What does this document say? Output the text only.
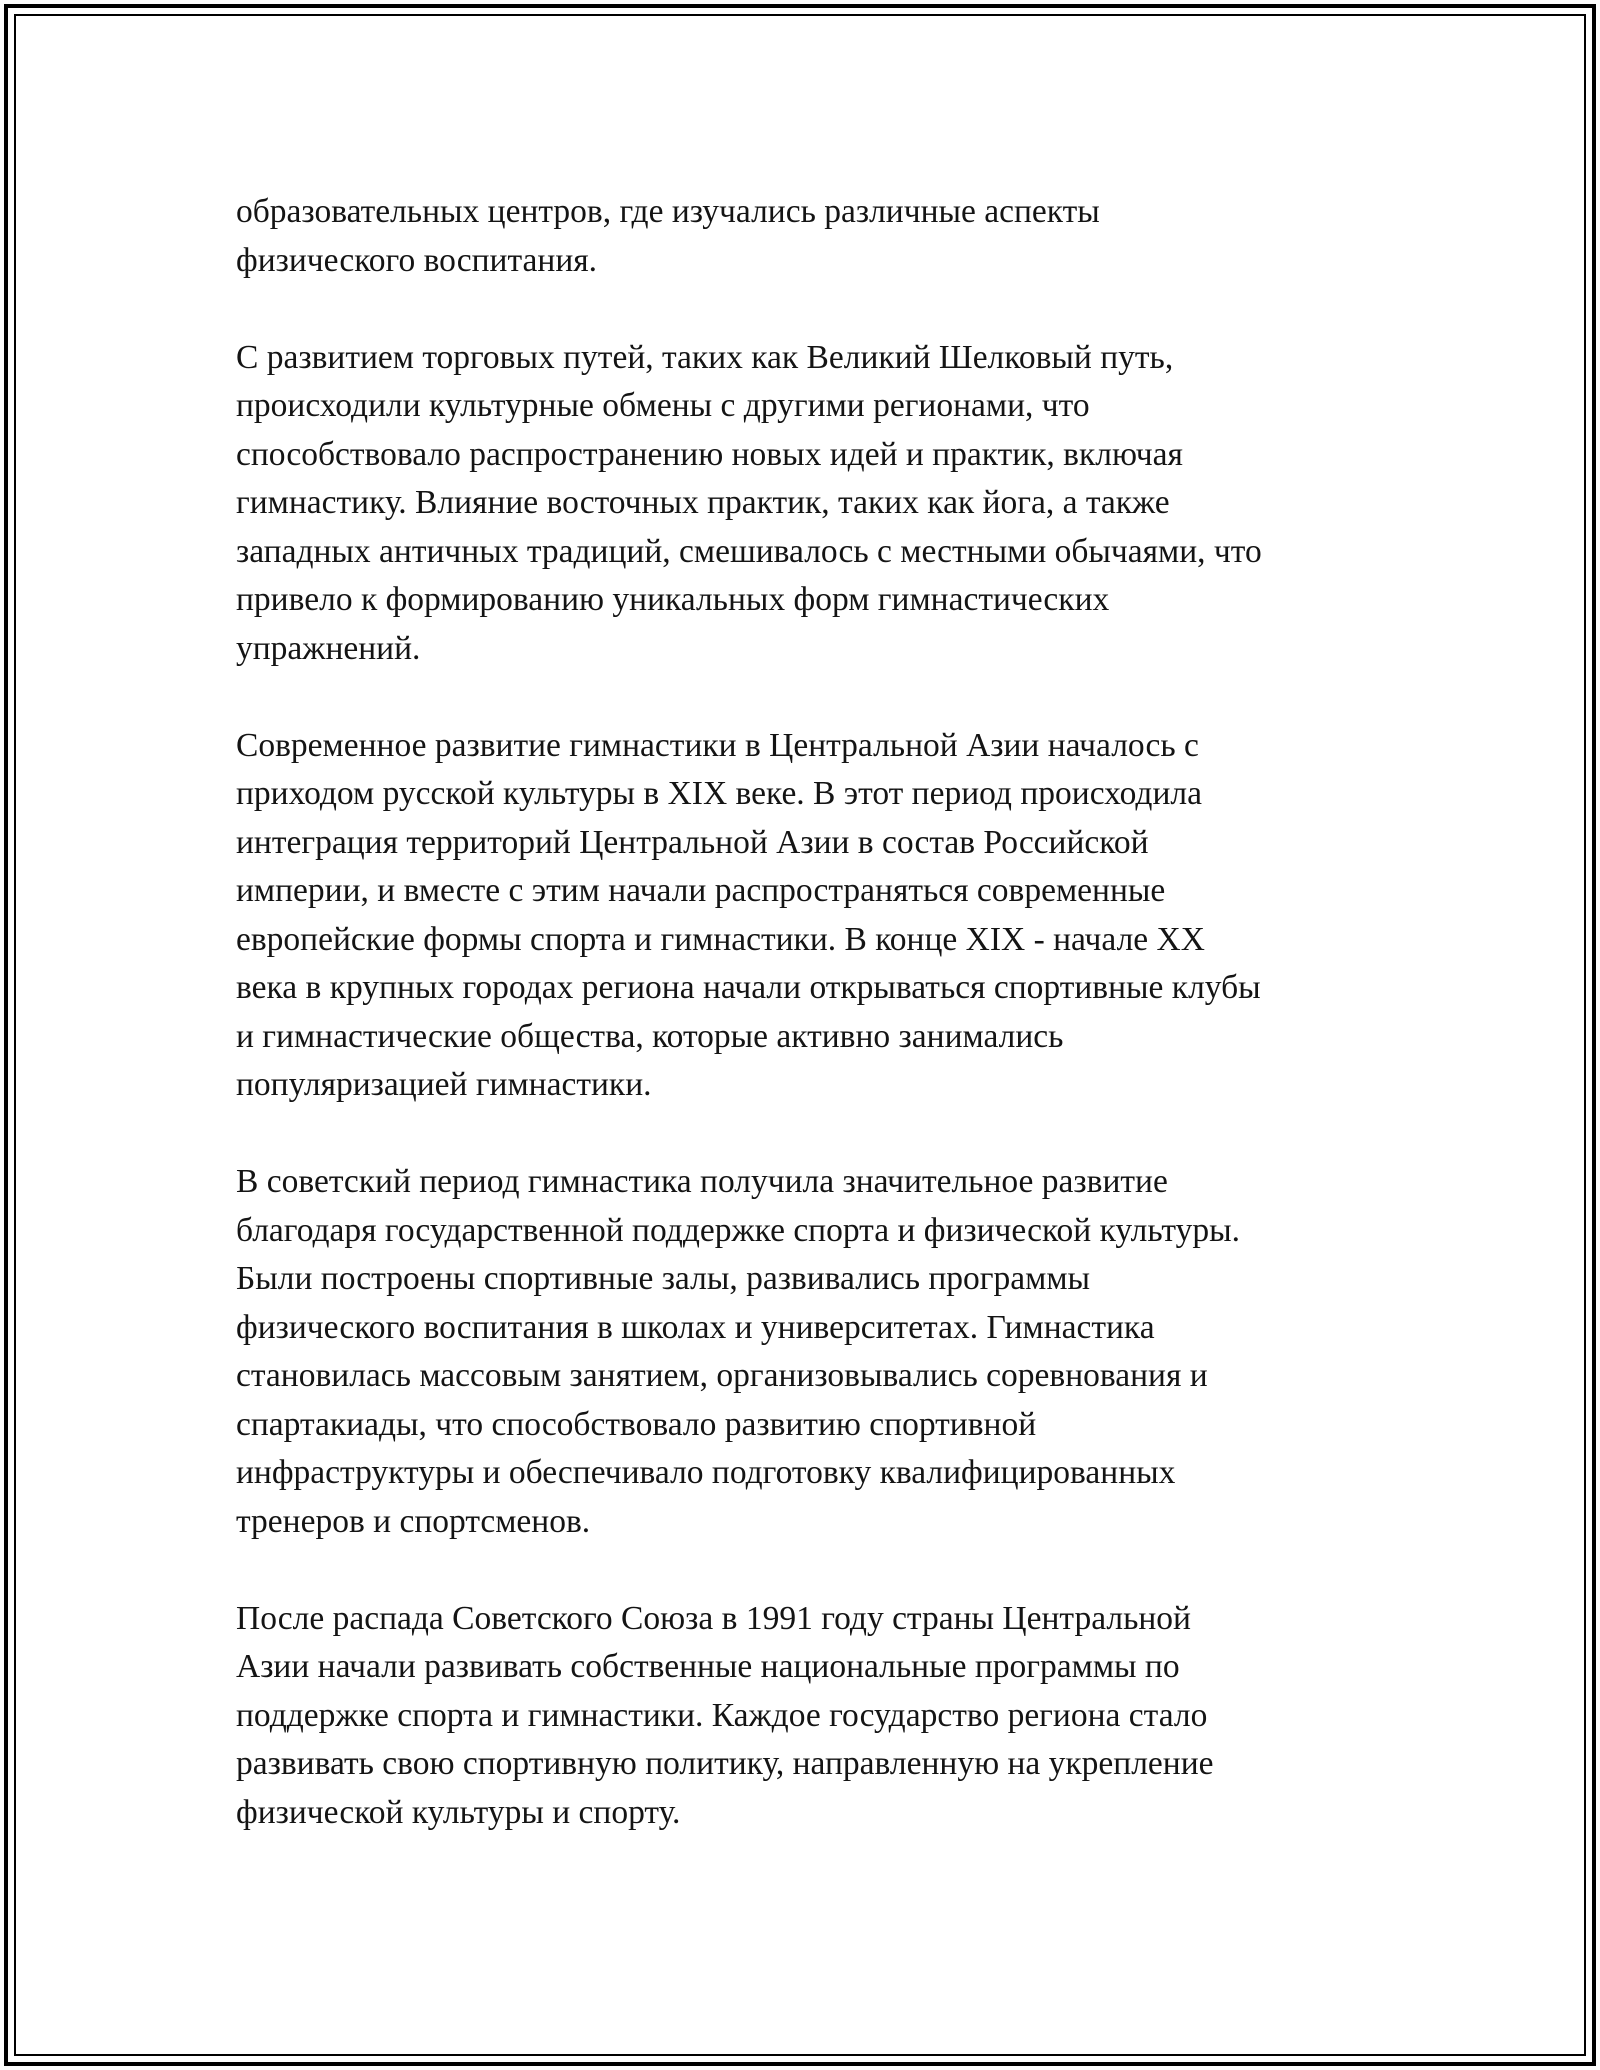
образовательных центров, где изучались различные аспекты
физического воспитания.

С развитием торговых путей, таких как Великий Шелковый путь,
происходили культурные обмены с другими регионами, что
способствовало распространению новых идей и практик, включая
гимнастику. Влияние восточных практик, таких как йога, а также
западных античных традиций, смешивалось с местными обычаями, что
привело к формированию уникальных форм гимнастических
упражнений.

Современное развитие гимнастики в Центральной Азии началось с
приходом русской культуры в XIX веке. В этот период происходила
интеграция территорий Центральной Азии в состав Российской
империи, и вместе с этим начали распространяться современные
европейские формы спорта и гимнастики. В конце XIX - начале XX
века в крупных городах региона начали открываться спортивные клубы
и гимнастические общества, которые активно занимались
популяризацией гимнастики.

В советский период гимнастика получила значительное развитие
благодаря государственной поддержке спорта и физической культуры.
Были построены спортивные залы, развивались программы
физического воспитания в школах и университетах. Гимнастика
становилась массовым занятием, организовывались соревнования и
спартакиады, что способствовало развитию спортивной
инфраструктуры и обеспечивало подготовку квалифицированных
тренеров и спортсменов.

После распада Советского Союза в 1991 году страны Центральной
Азии начали развивать собственные национальные программы по
поддержке спорта и гимнастики. Каждое государство региона стало
развивать свою спортивную политику, направленную на укрепление
физической культуры и спорту.
